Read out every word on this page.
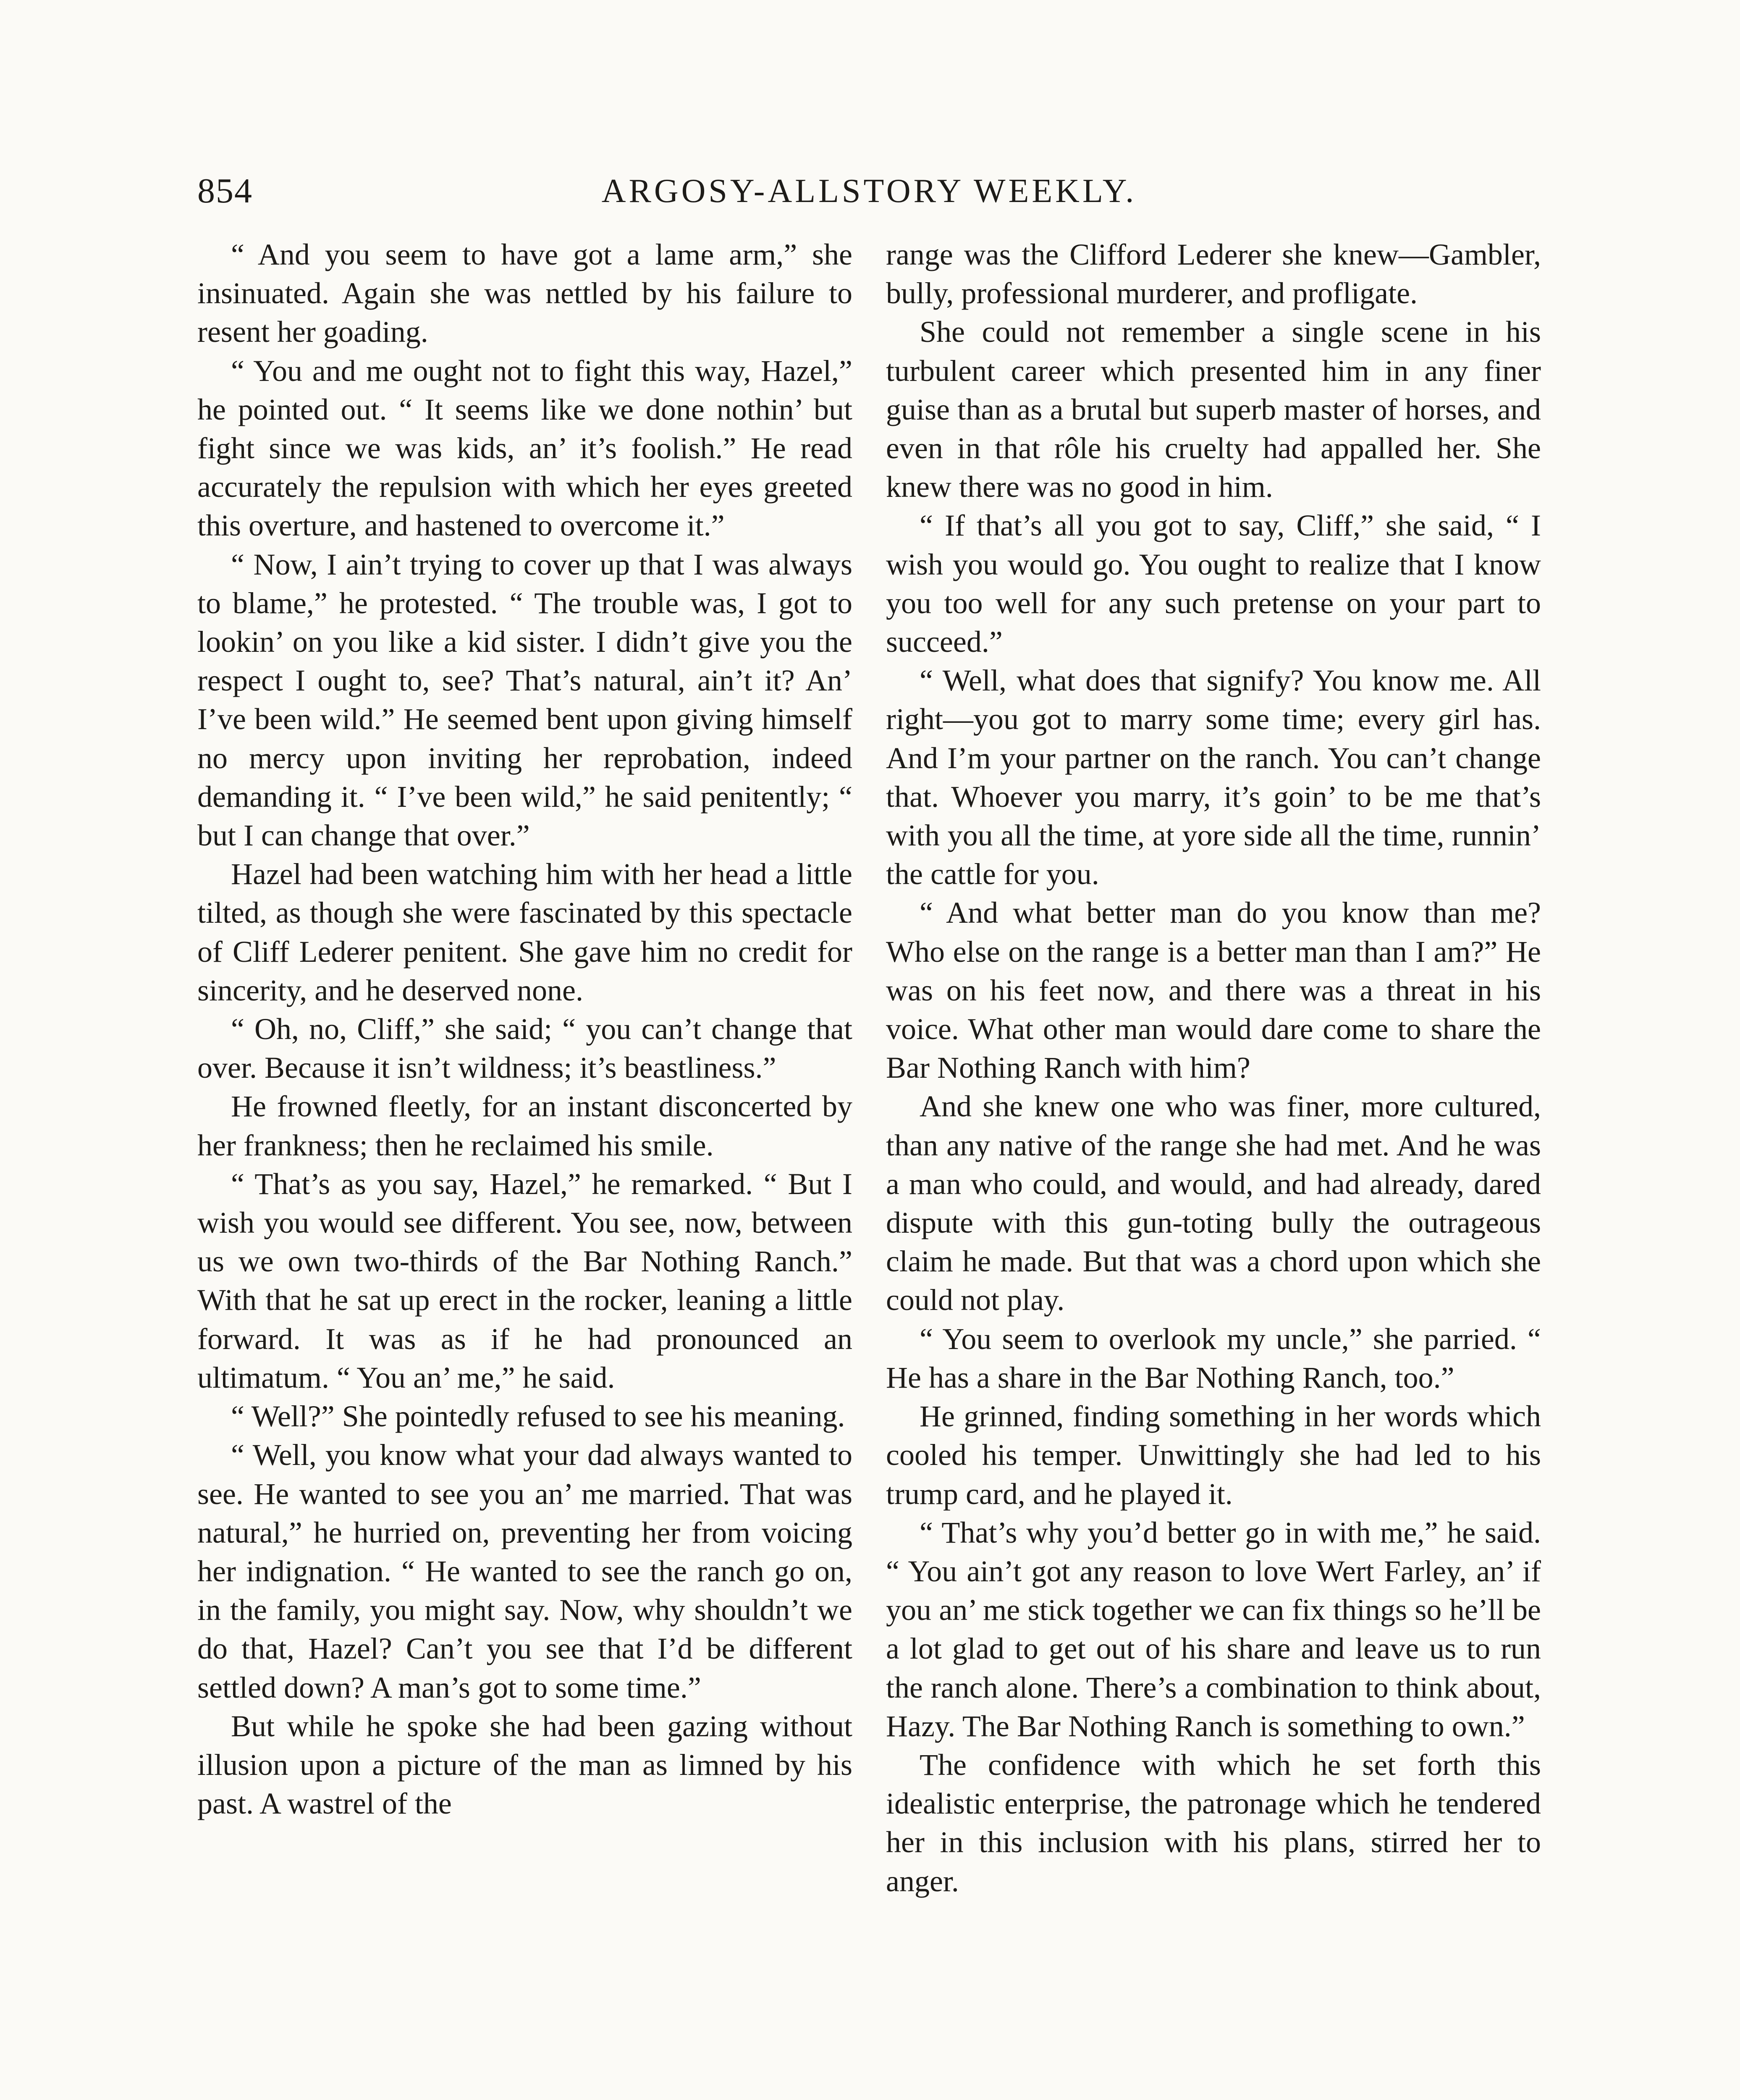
854	ARGOSY-ALLSTORY WEEKLY.

“ And you seem to have got a lame arm,” she insinuated. Again she was nettled by his failure to resent her goading.

“ You and me ought not to fight this way, Hazel,” he pointed out. “ It seems like we done nothin’ but fight since we was kids, an’ it’s foolish.” He read accurately the repulsion with which her eyes greeted this overture, and hastened to overcome it.”

“ Now, I ain’t trying to cover up that I was always to blame,” he protested. “ The trouble was, I got to lookin’ on you like a kid sister. I didn’t give you the respect I ought to, see? That’s natural, ain’t it? An’ I’ve been wild.” He seemed bent upon giving himself no mercy upon inviting her reprobation, indeed demanding it. “ I’ve been wild,” he said penitently; “ but I can change that over.”

Hazel had been watching him with her head a little tilted, as though she were fascinated by this spectacle of Cliff Lederer penitent. She gave him no credit for sincerity, and he deserved none.

“ Oh, no, Cliff,” she said; “ you can’t change that over. Because it isn’t wildness; it’s beastliness.”

He frowned fleetly, for an instant disconcerted by her frankness; then he reclaimed his smile.

“ That’s as you say, Hazel,” he remarked. “ But I wish you would see different. You see, now, between us we own two-thirds of the Bar Nothing Ranch.” With that he sat up erect in the rocker, leaning a little forward. It was as if he had pronounced an ultimatum. “ You an’ me,” he said.

“ Well?” She pointedly refused to see his meaning.

“ Well, you know what your dad always wanted to see. He wanted to see you an’ me married. That was natural,” he hurried on, preventing her from voicing her indignation. “ He wanted to see the ranch go on, in the family, you might say. Now, why shouldn’t we do that, Hazel? Can’t you see that I’d be different settled down? A man’s got to some time.”

But while he spoke she had been gazing without illusion upon a picture of the man as limned by his past. A wastrel of the

range was the Clifford Lederer she knew—Gambler, bully, professional murderer, and profligate.

She could not remember a single scene in his turbulent career which presented him in any finer guise than as a brutal but superb master of horses, and even in that rôle his cruelty had appalled her. She knew there was no good in him.

“ If that’s all you got to say, Cliff,” she said, “ I wish you would go. You ought to realize that I know you too well for any such pretense on your part to succeed.”

“ Well, what does that signify? You know me. All right—you got to marry some time; every girl has. And I’m your partner on the ranch. You can’t change that. Whoever you marry, it’s goin’ to be me that’s with you all the time, at yore side all the time, runnin’ the cattle for you.

“ And what better man do you know than me? Who else on the range is a better man than I am?” He was on his feet now, and there was a threat in his voice. What other man would dare come to share the Bar Nothing Ranch with him?

And she knew one who was finer, more cultured, than any native of the range she had met. And he was a man who could, and would, and had already, dared dispute with this gun-toting bully the outrageous claim he made. But that was a chord upon which she could not play.

“ You seem to overlook my uncle,” she parried. “ He has a share in the Bar Nothing Ranch, too.”

He grinned, finding something in her words which cooled his temper. Unwittingly she had led to his trump card, and he played it.

“ That’s why you’d better go in with me,” he said. “ You ain’t got any reason to love Wert Farley, an’ if you an’ me stick together we can fix things so he’ll be a lot glad to get out of his share and leave us to run the ranch alone. There’s a combination to think about, Hazy. The Bar Nothing Ranch is something to own.”

The confidence with which he set forth this idealistic enterprise, the patronage which he tendered her in this inclusion with his plans, stirred her to anger.
